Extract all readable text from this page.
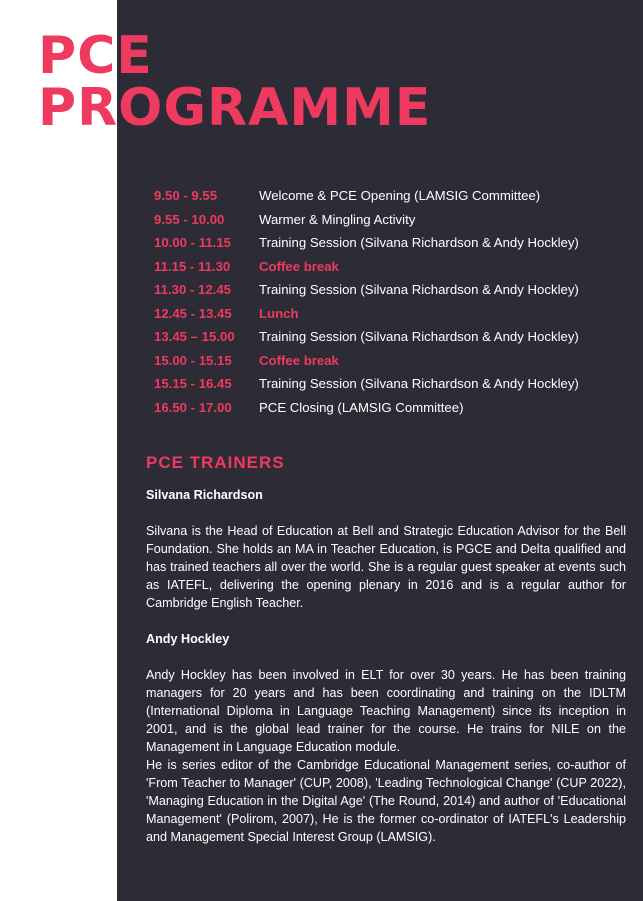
PCE
PROGRAMME
9.50 - 9.55	Welcome & PCE Opening (LAMSIG Committee)
9.55 - 10.00	Warmer & Mingling Activity
10.00 - 11.15	Training Session (Silvana Richardson & Andy Hockley)
11.15 - 11.30	Coffee break
11.30 - 12.45	Training Session (Silvana Richardson & Andy Hockley)
12.45 - 13.45	Lunch
13.45 – 15.00	Training Session (Silvana Richardson & Andy Hockley)
15.00 - 15.15	Coffee break
15.15 - 16.45	Training Session (Silvana Richardson & Andy Hockley)
16.50 - 17.00	PCE Closing (LAMSIG Committee)
PCE TRAINERS

Silvana Richardson

Silvana is the Head of Education at Bell and Strategic Education Advisor for the Bell Foundation. She holds an MA in Teacher Education, is PGCE and Delta qualified and has trained teachers all over the world. She is a regular guest speaker at events such as IATEFL, delivering the opening plenary in 2016 and is a regular author for Cambridge English Teacher.

Andy Hockley

Andy Hockley has been involved in ELT for over 30 years. He has been training managers for 20 years and has been coordinating and training on the IDLTM (International Diploma in Language Teaching Management) since its inception in 2001, and is the global lead trainer for the course. He trains for NILE on the Management in Language Education module.

He is series editor of the Cambridge Educational Management series, co-author of 'From Teacher to Manager' (CUP, 2008), 'Leading Technological Change' (CUP 2022), 'Managing Education in the Digital Age' (The Round, 2014) and author of 'Educational Management' (Polirom, 2007), He is the former co-ordinator of IATEFL's Leadership and Management Special Interest Group (LAMSIG).
